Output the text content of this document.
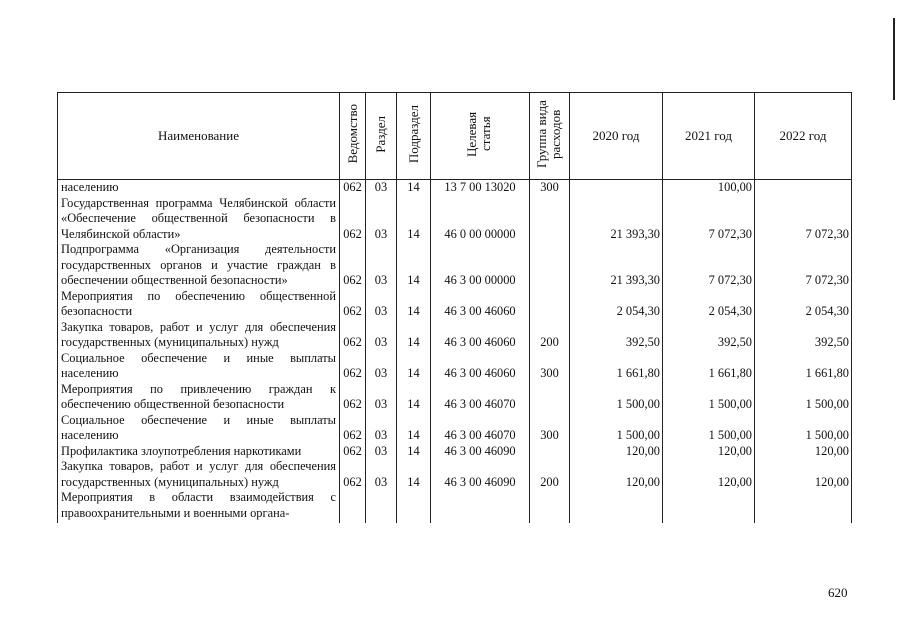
Наименование	Ведомство	Раздел	Подраздел	Целевая статья	Группа вида расходов	2020 год	2021 год	2022 год
населению	062	03	14	13 7 00 13020	300		100,00	
Государственная программа Челябинской области «Обеспечение общественной безопасности в Челябинской области»	062	03	14	46 0 00 00000		21 393,30	7 072,30	7 072,30
Подпрограмма «Организация деятельности государственных органов и участие граждан в обеспечении общественной безопасности»	062	03	14	46 3 00 00000		21 393,30	7 072,30	7 072,30
Мероприятия по обеспечению общественной безопасности	062	03	14	46 3 00 46060		2 054,30	2 054,30	2 054,30
Закупка товаров, работ и услуг для обеспечения государственных (муниципальных) нужд	062	03	14	46 3 00 46060	200	392,50	392,50	392,50
Социальное обеспечение и иные выплаты населению	062	03	14	46 3 00 46060	300	1 661,80	1 661,80	1 661,80
Мероприятия по привлечению граждан к обеспечению общественной безопасности	062	03	14	46 3 00 46070		1 500,00	1 500,00	1 500,00
Социальное обеспечение и иные выплаты населению	062	03	14	46 3 00 46070	300	1 500,00	1 500,00	1 500,00
Профилактика злоупотребления наркотиками	062	03	14	46 3 00 46090		120,00	120,00	120,00
Закупка товаров, работ и услуг для обеспечения государственных (муниципальных) нужд	062	03	14	46 3 00 46090	200	120,00	120,00	120,00
Мероприятия в области взаимодействия с правоохранительными и военными органа-								
620
